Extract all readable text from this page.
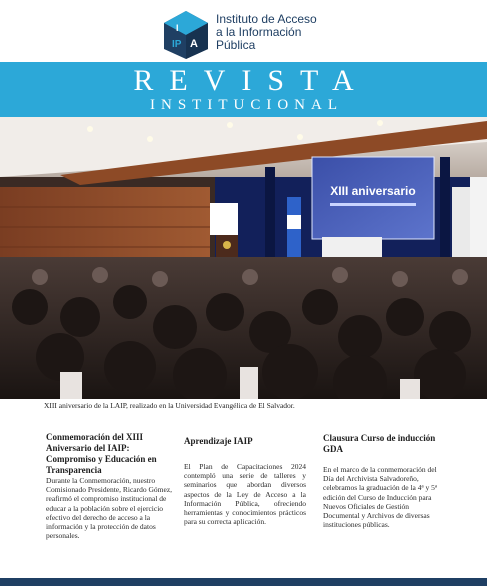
I
A
IP
Instituto de Acceso
a la Información
Pública
REVISTA
INSTITUCIONAL
XIII aniversario
XIII aniversario de la LAIP, realizado en la Universidad Evangélica de El Salvador.
Conmemoración del XIII Aniversario del IAIP: Compromiso y Educación en Transparencia

Durante la Conmemoración, nuestro Comisionado Presidente, Ricardo Gómez, reafirmó el compromiso institucional de educar a la población sobre el ejercicio efectivo del derecho de acceso a la información y la protección de datos personales.

Aprendizaje IAIP

El Plan de Capacitaciones 2024 contempló una serie de talleres y seminarios que abordan diversos aspectos de la Ley de Acceso a la Información Pública, ofreciendo herramientas y conocimientos prácticos para su correcta aplicación.

Clausura Curso de inducción GDA

En el marco de la conmemoración del Día del Archivista Salvadoreño, celebramos la graduación de la 4ª y 5ª edición del Curso de Inducción para Nuevos Oficiales de Gestión Documental y Archivos de diversas instituciones públicas.
